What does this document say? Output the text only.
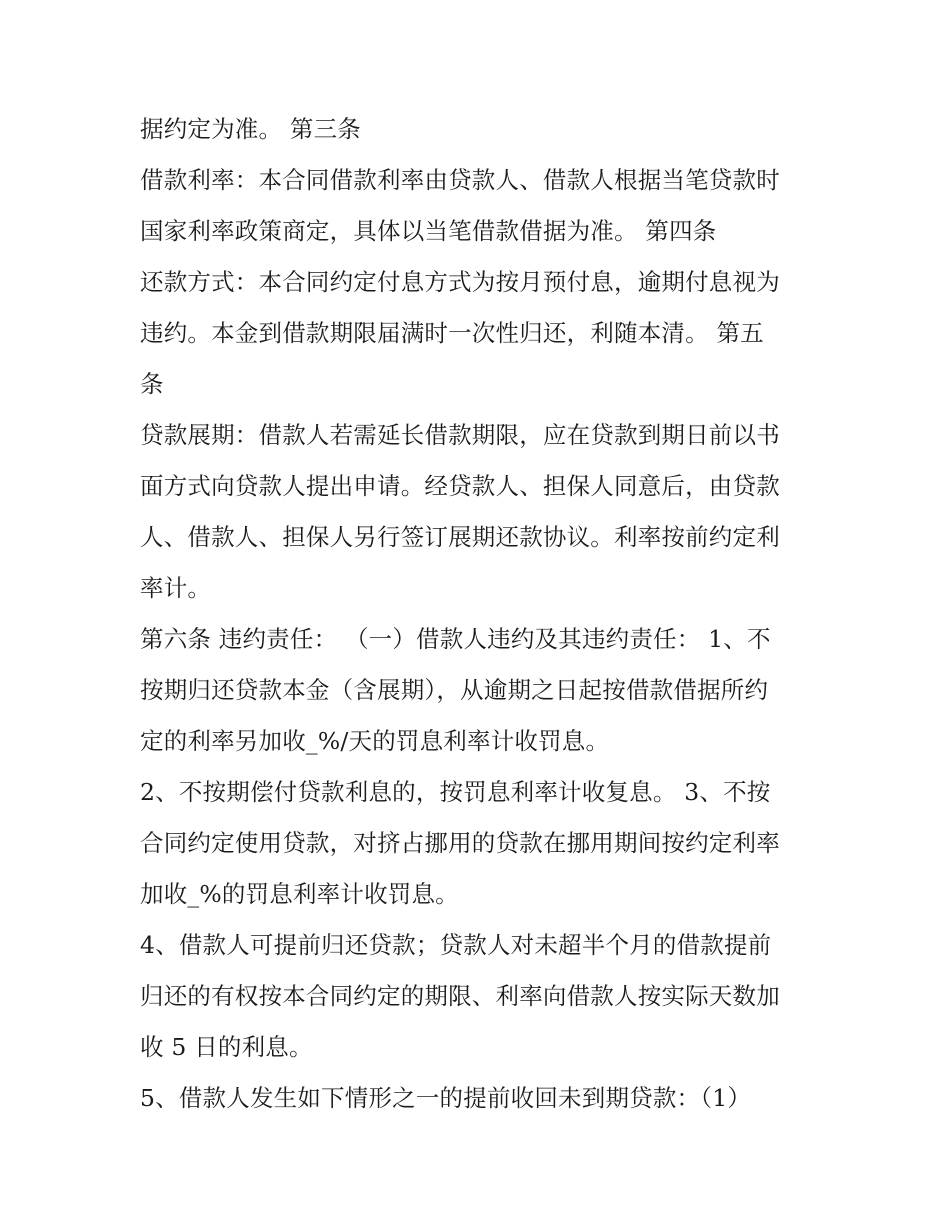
据约定为准。 第三条
借款利率：本合同借款利率由贷款人、借款人根据当笔贷款时
国家利率政策商定，具体以当笔借款借据为准。 第四条
还款方式：本合同约定付息方式为按月预付息，逾期付息视为
违约。本金到借款期限届满时一次性归还，利随本清。 第五
条
贷款展期：借款人若需延长借款期限，应在贷款到期日前以书
面方式向贷款人提出申请。经贷款人、担保人同意后，由贷款
人、借款人、担保人另行签订展期还款协议。利率按前约定利
率计。
第六条 违约责任： （一）借款人违约及其违约责任： 1、不
按期归还贷款本金（含展期），从逾期之日起按借款借据所约
定的利率另加收_%/天的罚息利率计收罚息。
2、不按期偿付贷款利息的，按罚息利率计收复息。 3、不按
合同约定使用贷款，对挤占挪用的贷款在挪用期间按约定利率
加收_%的罚息利率计收罚息。
4、借款人可提前归还贷款；贷款人对未超半个月的借款提前
归还的有权按本合同约定的期限、利率向借款人按实际天数加
收 5 日的利息。
5、借款人发生如下情形之一的提前收回未到期贷款：（1）
